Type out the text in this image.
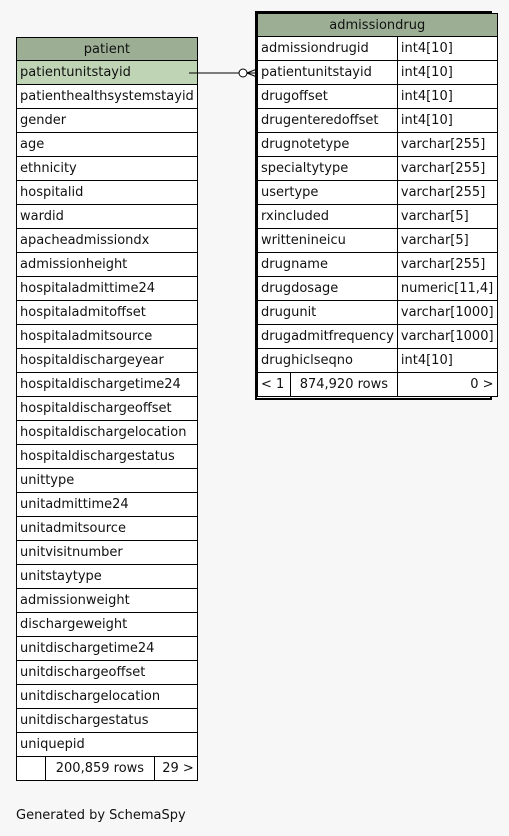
patient
patientunitstayid
patienthealthsystemstayid
gender
age
ethnicity
hospitalid
wardid
apacheadmissiondx
admissionheight
hospitaladmittime24
hospitaladmitoffset
hospitaladmitsource
hospitaldischargeyear
hospitaldischargetime24
hospitaldischargeoffset
hospitaldischargelocation
hospitaldischargestatus
unittype
unitadmittime24
unitadmitsource
unitvisitnumber
unitstaytype
admissionweight
dischargeweight
unitdischargetime24
unitdischargeoffset
unitdischargelocation
unitdischargestatus
uniquepid
	200,859 rows	29 >
admissiondrug		
admissiondrugid		int4[10]
patientunitstayid		int4[10]
drugoffset		int4[10]
drugenteredoffset		int4[10]
drugnotetype		varchar[255]
specialtytype		varchar[255]
usertype		varchar[255]
rxincluded		varchar[5]
writtenineicu		varchar[5]
drugname		varchar[255]
drugdosage		numeric[11,4]
drugunit		varchar[1000]
drugadmitfrequency		varchar[1000]
drughiclseqno		int4[10]
< 1	874,920 rows	0 >
Generated by SchemaSpy
